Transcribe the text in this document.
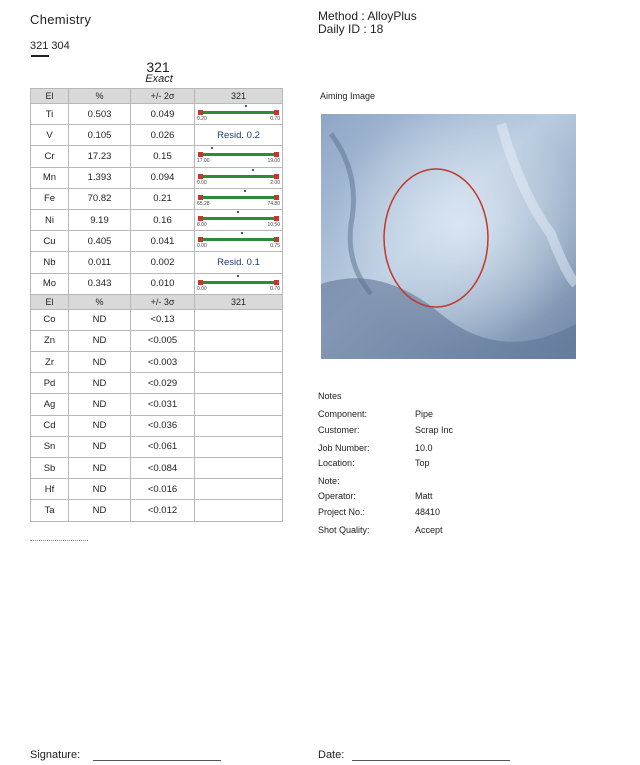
Chemistry
321 304
Method : AlloyPlus
Daily ID : 18
321
Exact
El	%	+/- 2σ	321
Ti	0.503	0.049	0.20 0.70

V	0.105	0.026	Resid. 0.2
Cr	17.23	0.15	17.00 19.00

Mn	1.393	0.094	0.00 2.00

Fe	70.82	0.21	65.28 74.80

Ni	9.19	0.16	8.00 10.50

Cu	0.405	0.041	0.00 0.75

Nb	0.011	0.002	Resid. 0.1
Mo	0.343	0.010	0.00 0.70

El	%	+/- 3σ	321
Co	ND	<0.13	
Zn	ND	<0.005	
Zr	ND	<0.003	
Pd	ND	<0.029	
Ag	ND	<0.031	
Cd	ND	<0.036	
Sn	ND	<0.061	
Sb	ND	<0.084	
Hf	ND	<0.016	
Ta	ND	<0.012	
Aiming Image
Notes
Component:	Pipe
Customer:	Scrap Inc
Job Number:	10.0
Location:	Top
Note:
Operator:	Matt
Project No.:	48410
Shot Quality:	Accept
Signature:	Date:
